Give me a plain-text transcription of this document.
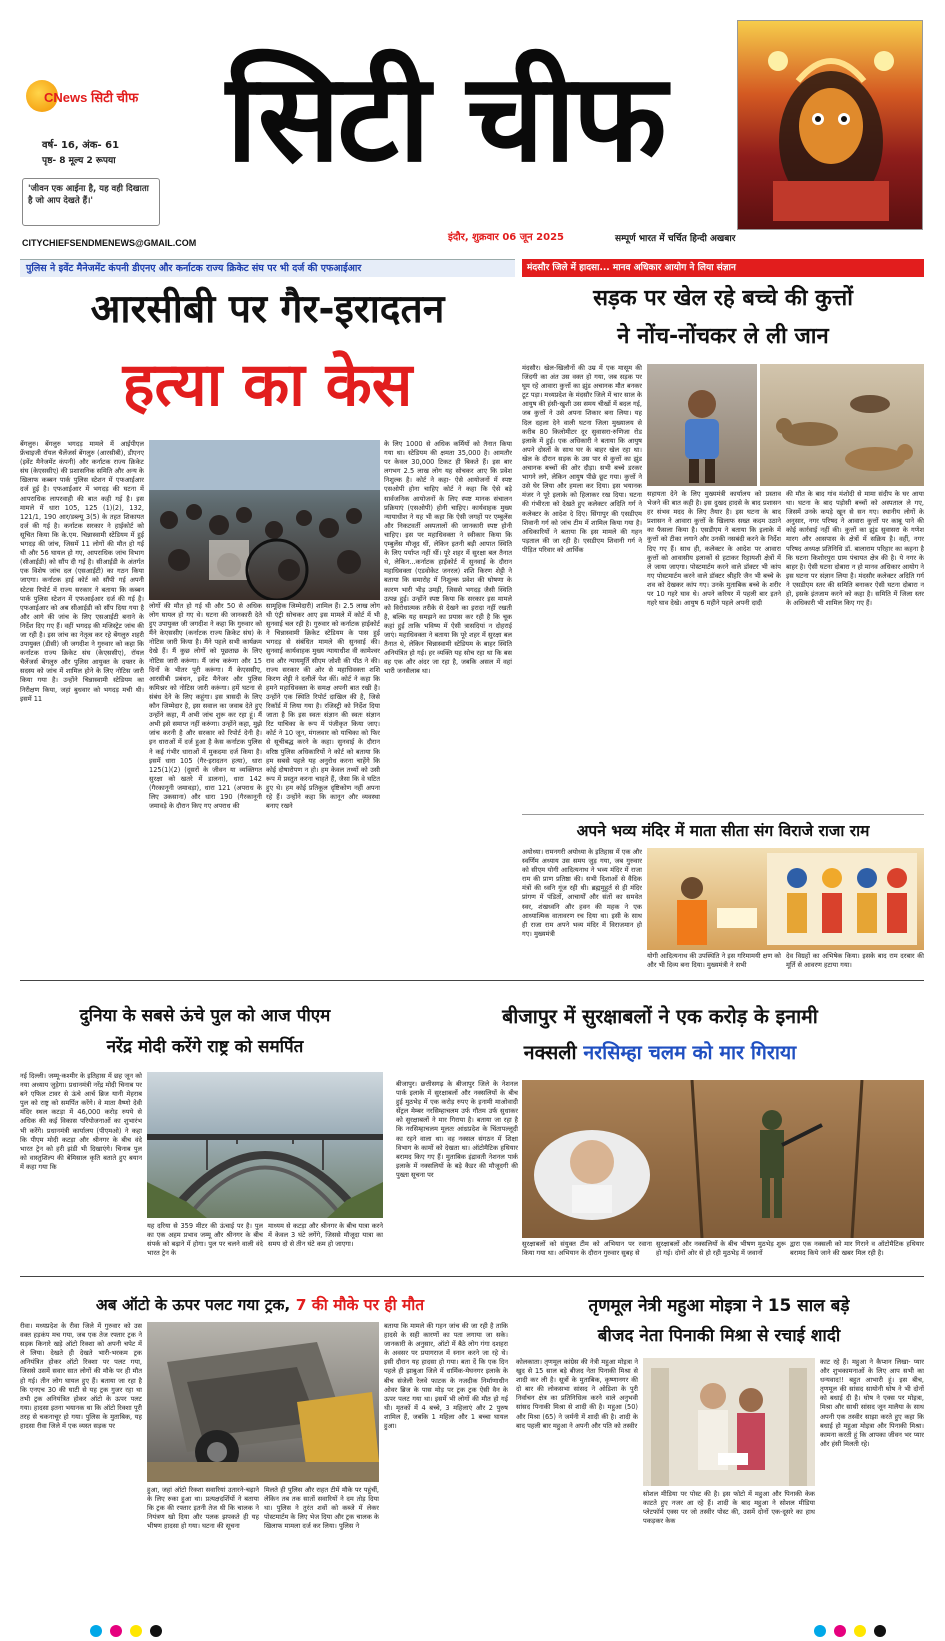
CNews सिटी चीफ
वर्ष- 16, अंक- 61
पृष्ठ- 8 मूल्य 2 रूपया
'जीवन एक आईना है, यह वही दिखाता है जो आप देखते हैं।'
CITYCHIEFSENDMENEWS@GMAIL.COM
सिटी चीफ
इंदौर, शुक्रवार 06 जून 2025	सम्पूर्ण भारत में चर्चित हिन्दी अखबार
पुलिस ने इवेंट मैनेजमेंट कंपनी डीएनए और कर्नाटक राज्य क्रिकेट संघ पर भी दर्ज की एफआईआर	मंदसौर जिले में हादसा... मानव अधिकार आयोग ने लिया संज्ञान
आरसीबी पर गैर-इरादतन
हत्या का केस
बेंगलुरु। बेंगलुरु भगदड़ मामले में आईपीएल फ्रेंचाइजी रॉयल चैलेंजर्स बेंगलुरु (आरसीबी), डीएनए (इवेंट मैनेजमेंट कंपनी) और कर्नाटक राज्य क्रिकेट संघ (केएससीए) की प्रशासनिक समिति और अन्य के खिलाफ कब्बन पार्क पुलिस स्टेशन में एफआईआर दर्ज हुई है। एफआईआर में भगदड़ की घटना में आपराधिक लापरवाही की बात कही गई है। इस मामले में धारा 105, 125 (1)(2), 132, 121/1, 190 आर/डब्ल्यू 3(5) के तहत शिकायत दर्ज की गई है। कर्नाटक सरकार ने हाईकोर्ट को सूचित किया कि के.एम. चिन्नास्वामी स्टेडियम में हुई भगदड़ की जांच, जिसमें 11 लोगों की मौत हो गई थी और 56 घायल हो गए, आपराधिक जांच विभाग (सीआईडी) को सौंप दी गई है। सीआईडी के अंतर्गत एक विशेष जांच दल (एसआईटी) का गठन किया जाएगा। कर्नाटक हाई कोर्ट को सौंपी गई अपनी स्टेटस रिपोर्ट में राज्य सरकार ने बताया कि कब्बन पार्क पुलिस स्टेशन में एफआईआर दर्ज की गई है। एफआईआर को अब सीआईडी को सौंप दिया गया है और आगे की जांच के लिए एसआईटी बनाने के निर्देश दिए गए हैं। वहीं भगदड़ की मजिस्ट्रेट जांच की जा रही है। इस जांच का नेतृत्व कर रहे बेंगलुरु शहरी उपायुक्त (डीसी) जी जगदीश ने गुरुवार को कहा कि कर्नाटक राज्य क्रिकेट संघ (केएससीए), रॉयल चैलेंजर्स बेंगलुरु और पुलिस आयुक्त के दफ्तर के सदस्य को जांच में शामिल होने के लिए नोटिस जारी किया गया है। उन्होंने चिन्नास्वामी स्टेडियम का निरीक्षण किया, जहां बुधवार को भगदड़ मची थी। इसमें 11
लोगों की मौत हो गई थी और 50 से अधिक लोग घायल हो गए थे। घटना की जानकारी देते हुए उपायुक्त जी जगदीश ने कहा कि गुरुवार को मैंने केएससीए (कर्नाटक राज्य क्रिकेट संघ) के नोटिस जारी किया है। मैंने पहले सभी कार्यक्रम देखे हैं। मैं कुछ लोगों को पूछताछ के लिए नोटिस जारी करूंगा। मैं जांच करूंगा और 15 दिनों के भीतर पूरी करूंगा। मैं केएससीए, आरसीबी प्रबंधन, इवेंट मैनेजर और पुलिस कमिश्नर को नोटिस जारी करूंगा। हमें घटना से संबंध देने के लिए कहूंगा। इस त्रासदी के लिए कौन जिम्मेदार है, इस सवाल का जवाब देते हुए उन्होंने कहा, मैं अभी जांच शुरू कर रहा हूं। मैं अभी इसे समाप्त नहीं करूंगा। उन्होंने कहा, मुझे जांच करनी है और सरकार को रिपोर्ट देनी है। इन धाराओं में दर्ज हुआ है केस कर्नाटक पुलिस ने कई गंभीर धाराओं में मुकदमा दर्ज किया है। इसमें धारा 105 (गैर-इरादतन हत्या), धारा 125(1)(2) (दूसरों के जीवन या व्यक्तिगत सुरक्षा को खतरे में डालना), धारा 142 (गैरकानूनी जमावड़ा), धारा 121 (अपराध के लिए उकसाना) और धारा 190 (गैरकानूनी जमावड़े के दौरान किए गए अपराध की
सामूहिक जिम्मेदारी) शामिल हैं। 2.5 लाख लोग थी एंट्री सोचकर आए इस मामले में कोर्ट में भी सुनवाई चल रही है। गुरुवार को कर्नाटक हाईकोर्ट ने चिन्नास्वामी क्रिकेट स्टेडियम के पास हुई भगदड़ से संबंधित मामले की सुनवाई की। सुनवाई कार्यवाहक मुख्य न्यायाधीश वी कामेश्वर राव और न्यायमूर्ति सीएम जोशी की पीठ ने की। राज्य सरकार की ओर से महाधिवक्ता शशि किरण शेट्टी ने दलीलें पेश कीं। कोर्ट ने कहा कि हमने महाधिवक्ता के समक्ष अपनी बात रखी है। उन्होंने एक स्थिति रिपोर्ट दाखिल की है, जिसे रिकॉर्ड में लिया गया है। रजिस्ट्री को निर्देश दिया जाता है कि इस स्वतः संज्ञान की स्वतः संज्ञान रिट याचिका के रूप में पंजीकृत किया जाए। कोर्ट ने 10 जून, मंगलवार को याचिका को फिर से सूचीबद्ध करने के कहा। सुनवाई के दौरान वरिष्ठ पुलिस अधिकारियों ने कोर्ट को बताया कि हम सबसे पहले यह अनुरोध करना चाहेंगे कि कोई दोषारोपण न हो। हम केवल तथ्यों को उसी रूप में प्रस्तुत करना चाहते हैं, जैसा कि वे घटित हुए थे। हम कोई प्रतिकूल दृष्टिकोण नहीं अपना रहे हैं। उन्होंने कहा कि कानून और व्यवस्था बनाए रखने
के लिए 1000 से अधिक कर्मियों को तैनात किया गया था। स्टेडियम की क्षमता 35,000 है। आमतौर पर केवल 30,000 टिकट ही बिकते हैं। इस बार लगभग 2.5 लाख लोग यह सोचकर आए कि प्रवेश निशुल्क है। कोर्ट ने कहा- ऐसे आयोजनों में स्पष्ट एसओपी होना चाहिए कोर्ट ने कहा कि ऐसे बड़े सार्वजनिक आयोजनों के लिए स्पष्ट मानक संचालन प्रक्रियाएं (एसओपी) होनी चाहिए। कार्यवाहक मुख्य न्यायाधीश ने यह भी कहा कि ऐसी जगहों पर एम्बुलेंस और निकटवर्ती अस्पतालों की जानकारी स्पष्ट होनी चाहिए। इस पर महाधिवक्ता ने स्वीकार किया कि एम्बुलेंस मौजूद थीं, लेकिन इतनी बड़ी आपात स्थिति के लिए पर्याप्त नहीं थीं। पूरे शहर में सुरक्षा बल तैनात थे, लेकिन...कर्नाटक हाईकोर्ट में सुनवाई के दौरान महाधिवक्ता (एडवोकेट जनरल) शशि किरण शेट्टी ने बताया कि समारोह में निशुल्क प्रवेश की घोषणा के कारण भारी भीड़ उमड़ी, जिससे भगदड़ जैसी स्थिति उत्पन्न हुई। उन्होंने स्पष्ट किया कि सरकार इस मामले को विरोधात्मक तरीके से देखने का इरादा नहीं रखती है, बल्कि यह समझने का प्रयास कर रही है कि चूक कहां हुई ताकि भविष्य में ऐसी त्रासदियां न दोहराई जाएं। महाधिवक्ता ने बताया कि पूरे शहर में सुरक्षा बल तैनात थे, लेकिन चिन्नास्वामी स्टेडियम के बाहर स्थिति अनियंत्रित हो गई। हर व्यक्ति यह सोच रहा था कि बस वह एक और अंदर जा रहा है, जबकि असल में वहां भारी जनसैलाब था।
सड़क पर खेल रहे बच्चे की कुत्तों
ने नोंच-नोंचकर ले ली जान
मंदसौर। खेल-खिलौनों की उम्र में एक मासूम की जिंदगी का अंत उस वक्त हो गया, जब सड़क पर घूम रहे आवारा कुत्तों का झुंड अचानक मौत बनकर टूट पड़ा। मध्यप्रदेश के मंदसौर जिले में चार साल के आयुष की हंसी-खुशी उस समय चीखों में बदल गई, जब कुत्तों ने उसे अपना शिकार बना लिया। यह दिल दहला देने वाली घटना जिला मुख्यालय से करीब 80 किलोमीटर दूर सुवासरा-रुणिजा रोड इलाके में हुई। एक अधिकारी ने बताया कि आयुष अपने दोस्तों के साथ घर के बाहर खेल रहा था। खेल के दौरान सड़क के उस पार से कुत्तों का झुंड अचानक बच्चों की ओर दौड़ा। सभी बच्चे डरकर भागने लगे, लेकिन आयुष पीछे छूट गया। कुत्तों ने उसे घेर लिया और हमला कर दिया। इस भयानक मंजर ने पूरे इलाके को हिलाकर रख दिया। घटना की गंभीरता को देखते हुए कलेक्टर अदिति गर्ग ने कलेक्टर के आदेश दे दिए। सिंगापुर की एसडीएम शिवानी गर्ग को जांच टीम में शामिल किया गया है। अधिकारियों ने बताया कि इस मामले की गहन पड़ताल की जा रही है। एसडीएम शिवानी गर्ग ने पीड़ित परिवार को आर्थिक
सहायता देने के लिए मुख्यमंत्री कार्यालय को प्रस्ताव भेजने की बात कही है। इस दुखद हादसे के बाद प्रशासन हर संभव मदद के लिए तैयार है। इस घटना के बाद प्रशासन ने आवारा कुत्तों के खिलाफ सख्त कदम उठाने का फैसला किया है। एसडीएम ने बताया कि इलाके में कुत्तों को टीका लगाने और उनकी नसबंदी करने के निर्देश दिए गए हैं। साथ ही, कलेक्टर के आदेश पर आवारा कुत्तों को आवासीय इलाकों से हटाकर रिहायशी क्षेत्रों में ले जाया जाएगा। पोस्टमार्टम करने वाले डॉक्टर भी कांप गए पोस्टमार्टम करने वाले डॉक्टर श्रीहरि जैन भी बच्चे के शव को देखकर कांप गए। उनके मुताबिक बच्चे के शरीर पर 10 गहरे घाव थे। अपने करियर में पहली बार इतने गहरे घाव देखे। आयुष 6 महीने पहले अपनी दादी
की मौत के बाद गांव मंशोदी से मामा संदीप के घर आया था। घटना के बाद पड़ोसी बच्चों को अस्पताल ले गए, जिसमें उनके कपड़े खून से सन गए। स्थानीय लोगों के अनुसार, नगर परिषद ने आवारा कुत्तों पर काबू पाने की कोई कार्रवाई नहीं की। कुत्तों का झुंड सुवासरा के गणेश मारग और आसपास के क्षेत्रों में सक्रिय है। वहीं, नगर परिषद अध्यक्ष प्रतिनिधि डॉ. बालाराम परिहार का कहना है कि घटना किशोरपुरा ग्राम पंचायत क्षेत्र की है। ये नगर के बाहर है। ऐसी घटना दोबारा न हो मानव अधिकार आयोग ने इस घटना पर संज्ञान लिया है। मंदसौर कलेक्टर अदिति गर्ग ने एसडीएम स्तर की समिति बनाकर ऐसी घटना दोबारा न हो, इसके इंतजाम करने को कहा है। समिति में जिला स्तर के अधिकारी भी शामिल किए गए हैं।
अपने भव्य मंदिर में माता सीता संग विराजे राजा राम
अयोध्या। रामनगरी अयोध्या के इतिहास में एक और स्वर्णिम अध्याय उस समय जुड़ गया, जब गुरुवार को सीएम योगी आदित्यनाथ ने भव्य मंदिर में राजा राम की प्राण प्रतिष्ठा की। सभी दिशाओं से वैदिक मंत्रों की ध्वनि गूंज रही थी। ब्रह्ममुहूर्त से ही मंदिर प्रांगण में पंडितों, आचार्यों और संतों का समवेत स्वर, शंखध्वनि और हवन की महक ने एक आध्यात्मिक वातावरण रच दिया था। इसी के साथ ही राजा राम अपने भव्य मंदिर में विराजमान हो गए। मुख्यमंत्री
योगी आदित्यनाथ की उपस्थिति ने इस गरिमामयी क्षण को और भी दिव्य बना दिया। मुख्यमंत्री ने सभी
देव विग्रहों का अभिषेक किया। इसके बाद राम दरबार की मूर्ति से आवरण हटाया गया।
दुनिया के सबसे ऊंचे पुल को आज पीएम
नरेंद्र मोदी करेंगे राष्ट्र को समर्पित
नई दिल्ली। जम्मू-कश्मीर के इतिहास में छह जून को नया अध्याय जुड़ेगा। प्रधानमंत्री नरेंद्र मोदी चिनाब पर बने एफिल टावर से ऊंचे आर्च ब्रिज यानी मेहराब पुल को राष्ट्र को समर्पित करेंगे। वे माता वैष्णो देवी मंदिर स्थल कटड़ा में 46,000 करोड़ रुपये से अधिक की कई विकास परियोजनाओं का शुभारंभ भी करेंगे। प्रधानमंत्री कार्यालय (पीएमओ) ने कहा कि पीएम मोदी कटड़ा और श्रीनगर के बीच वंदे भारत ट्रेन को हरी झंडी भी दिखाएंगे। चिनाब पुल को वास्तुशिल्प की बेमिसाल कृति बताते हुए बयान में कहा गया कि
यह दरिया से 359 मीटर की ऊंचाई पर है। पुल का एक अहम प्रभाव जम्मू और श्रीनगर के बीच संपर्क को बढ़ाने में होगा। पुल पर चलने वाली वंदे भारत ट्रेन के
माध्यम से कटड़ा और श्रीनगर के बीच यात्रा करने में केवल 3 घंटे लगेंगे, जिससे मौजूदा यात्रा का समय दो से तीन घंटे कम हो जाएगा।
बीजापुर में सुरक्षाबलों ने एक करोड़ के इनामी
नक्सली नरसिम्हा चलम को मार गिराया
बीजापुर। छत्तीसगढ़ के बीजापुर जिले के नेशनल पार्क इलाके में सुरक्षाबलों और नक्सलियों के बीच हुई मुठभेड़ में एक करोड़ रुपए के इनामी माओवादी सेंट्रल मेम्बर नरसिम्हाचलम उर्फ गौतम उर्फ सुधाकर को सुरक्षाबलों ने मार गिराया है। बताया जा रहा है कि नरसिम्हाचलम मूलतः आंध्रप्रदेश के चिंतापल्लूदी का रहने वाला था। वह नक्सल संगठन में शिक्षा विभाग के कामों को देखता था। ऑटोमैटिक हथियार बरामद किए गए हैं। मुताबिक इंद्रावती नेशनल पार्क इलाके में नक्सलियों के बड़े कैडर की मौजूदगी की पुख्ता सूचना पर
सुरक्षाबलों को संयुक्त टीम को अभियान पर रवाना किया गया था। अभियान के दौरान गुरुवार सुबह से
सुरक्षाबलों और नक्सलियों के बीच भीषण मुठभेड़ शुरू हो गई। दोनों ओर से हो रही मुठभेड़ में जवानों
द्वारा एक नक्सली को मार गिराने व ऑटोमैटिक हथियार बरामद किये जाने की खबर मिल रही है।
अब ऑटो के ऊपर पलट गया ट्रक, 7 की मौके पर ही मौत
रीवा। मध्यप्रदेश के रीवा जिले में गुरुवार को उस वक्त हड़कंप मच गया, जब एक तेज रफ्तार ट्रक ने सड़क किनारे खड़े ऑटो रिक्शा को अपनी चपेट में ले लिया। देखते ही देखते भारी-भरकम ट्रक अनियंत्रित होकर ऑटो रिक्शा पर पलट गया, जिससे उसमें सवार सात लोगों की मौके पर ही मौत हो गई। तीन लोग घायल हुए हैं। बताया जा रहा है कि एनएच 30 की घाटी से यह ट्रक गुजर रहा था तभी ट्रक अनियंत्रित होकर ऑटो के ऊपर पलट गया। हादसा इतना भयानक था कि ऑटो रिक्शा पूरी तरह से चकनाचूर हो गया। पुलिस के मुताबिक, यह हादसा रीवा जिले में एक व्यस्त सड़क पर
हुआ, जहां ऑटो रिक्शा सवारियां उतारने-चढ़ाने के लिए रुका हुआ था। प्रत्यक्षदर्शियों ने बताया कि ट्रक की रफ्तार इतनी तेज थी कि चालक ने नियंत्रण खो दिया और पलक झपकते ही यह भीषण हादसा हो गया। घटना की सूचना
मिलते ही पुलिस और राहत टीमें मौके पर पहुंचीं, लेकिन तब तक सातों सवारियों ने दम तोड़ दिया था। पुलिस ने तुरंत शवों को कब्जे में लेकर पोस्टमार्टम के लिए भेज दिया और ट्रक चालक के खिलाफ मामला दर्ज कर लिया। पुलिस ने
बताया कि मामले की गहन जांच की जा रही है ताकि हादसे के सही कारणों का पता लगाया जा सके। जानकारी के अनुसार, ऑटो में बैठे लोग गंगा दशहरा के अवसर पर प्रयागराज में स्नान करने जा रहे थे। इसी दौरान यह हादसा हो गया। बता दें कि एक दिन पहले ही झाबुआ जिले में धार्मिक-मेघनगर इलाके के बीच संजेली रेलवे फाटक के नजदीक निर्माणाधीन ओवर ब्रिज के पास मोड़ पर ट्रक ट्रक ऐसी वैन के ऊपर पलट गया था। इसमें भी लोगों की मौत हो गई थी। मृतकों में 4 बच्चे, 3 महिलाएं और 2 पुरुष शामिल हैं, जबकि 1 महिला और 1 बच्चा घायल हुआ।
तृणमूल नेत्री महुआ मोइत्रा ने 15 साल बड़े
बीजद नेता पिनाकी मिश्रा से रचाई शादी
कोलकाता। तृणमूल कांग्रेस की नेत्री महुआ मोइत्रा ने खुद से 15 साल बड़े बीजद नेता पिनाकी मिश्रा से शादी कर ली है। सूत्रों के मुताबिक, कृष्णानगर की दो बार की लोकसभा सांसद ने ओडिशा के पुरी निर्वाचन क्षेत्र का प्रतिनिधित्व करने वाले अनुभवी सांसद पिनाकी मिश्रा से शादी की है। महुआ (50) और मिश्रा (65) ने जर्मनी में शादी की है। शादी के बाद पहली बार महुआ ने अपनी और पति को तस्वीर
सोशल मीडिया पर पोस्ट की है। इस फोटो में महुआ और पिनाकी केक काटते हुए नजर आ रहे हैं। शादी के बाद महुआ ने सोशल मीडिया प्लेटफॉर्म एक्स पर जो तस्वीर पोस्ट की, उसमें दोनों एक-दूसरे का हाथ पकड़कर केक
काट रहे हैं। महुआ ने कैप्शन लिखा- प्यार और शुभकामनाओं के लिए आप सभी का धन्यवाद!! बहुत आभारी हूं। इस बीच, तृणमूल की सांसद सायोनी घोष ने भी दोनों को बधाई दी है। घोष ने एक्स पर मोइत्रा, मिश्रा और साथी सांसद जून मालैया के साथ अपनी एक तस्वीर साझा करते हुए कहा कि बधाई हो महुआ मोइत्रा और पिनाकी मिश्रा। कामना करती हूं कि आपका जीवन भर प्यार और हंसी मिलती रहे।
